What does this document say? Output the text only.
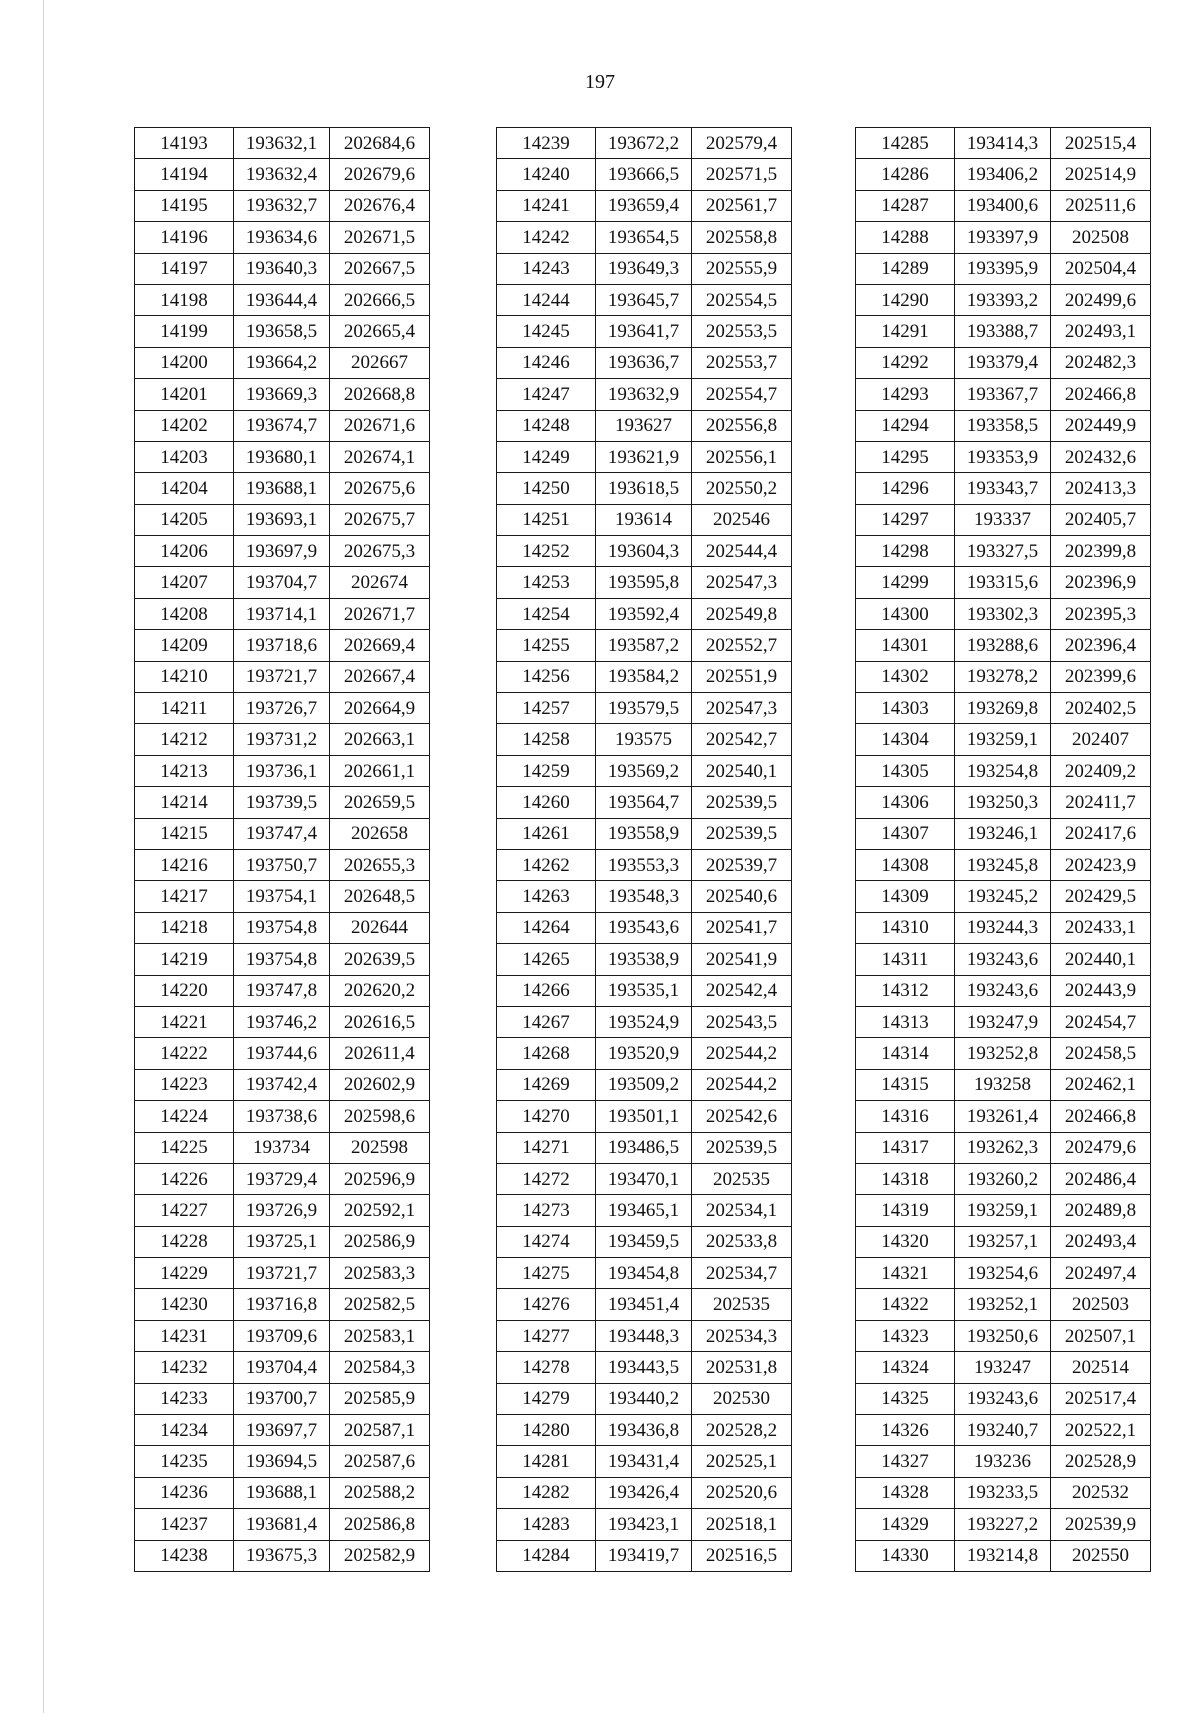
197
14193	193632,1	202684,6
14194	193632,4	202679,6
14195	193632,7	202676,4
14196	193634,6	202671,5
14197	193640,3	202667,5
14198	193644,4	202666,5
14199	193658,5	202665,4
14200	193664,2	202667
14201	193669,3	202668,8
14202	193674,7	202671,6
14203	193680,1	202674,1
14204	193688,1	202675,6
14205	193693,1	202675,7
14206	193697,9	202675,3
14207	193704,7	202674
14208	193714,1	202671,7
14209	193718,6	202669,4
14210	193721,7	202667,4
14211	193726,7	202664,9
14212	193731,2	202663,1
14213	193736,1	202661,1
14214	193739,5	202659,5
14215	193747,4	202658
14216	193750,7	202655,3
14217	193754,1	202648,5
14218	193754,8	202644
14219	193754,8	202639,5
14220	193747,8	202620,2
14221	193746,2	202616,5
14222	193744,6	202611,4
14223	193742,4	202602,9
14224	193738,6	202598,6
14225	193734	202598
14226	193729,4	202596,9
14227	193726,9	202592,1
14228	193725,1	202586,9
14229	193721,7	202583,3
14230	193716,8	202582,5
14231	193709,6	202583,1
14232	193704,4	202584,3
14233	193700,7	202585,9
14234	193697,7	202587,1
14235	193694,5	202587,6
14236	193688,1	202588,2
14237	193681,4	202586,8
14238	193675,3	202582,9
14239	193672,2	202579,4
14240	193666,5	202571,5
14241	193659,4	202561,7
14242	193654,5	202558,8
14243	193649,3	202555,9
14244	193645,7	202554,5
14245	193641,7	202553,5
14246	193636,7	202553,7
14247	193632,9	202554,7
14248	193627	202556,8
14249	193621,9	202556,1
14250	193618,5	202550,2
14251	193614	202546
14252	193604,3	202544,4
14253	193595,8	202547,3
14254	193592,4	202549,8
14255	193587,2	202552,7
14256	193584,2	202551,9
14257	193579,5	202547,3
14258	193575	202542,7
14259	193569,2	202540,1
14260	193564,7	202539,5
14261	193558,9	202539,5
14262	193553,3	202539,7
14263	193548,3	202540,6
14264	193543,6	202541,7
14265	193538,9	202541,9
14266	193535,1	202542,4
14267	193524,9	202543,5
14268	193520,9	202544,2
14269	193509,2	202544,2
14270	193501,1	202542,6
14271	193486,5	202539,5
14272	193470,1	202535
14273	193465,1	202534,1
14274	193459,5	202533,8
14275	193454,8	202534,7
14276	193451,4	202535
14277	193448,3	202534,3
14278	193443,5	202531,8
14279	193440,2	202530
14280	193436,8	202528,2
14281	193431,4	202525,1
14282	193426,4	202520,6
14283	193423,1	202518,1
14284	193419,7	202516,5
14285	193414,3	202515,4
14286	193406,2	202514,9
14287	193400,6	202511,6
14288	193397,9	202508
14289	193395,9	202504,4
14290	193393,2	202499,6
14291	193388,7	202493,1
14292	193379,4	202482,3
14293	193367,7	202466,8
14294	193358,5	202449,9
14295	193353,9	202432,6
14296	193343,7	202413,3
14297	193337	202405,7
14298	193327,5	202399,8
14299	193315,6	202396,9
14300	193302,3	202395,3
14301	193288,6	202396,4
14302	193278,2	202399,6
14303	193269,8	202402,5
14304	193259,1	202407
14305	193254,8	202409,2
14306	193250,3	202411,7
14307	193246,1	202417,6
14308	193245,8	202423,9
14309	193245,2	202429,5
14310	193244,3	202433,1
14311	193243,6	202440,1
14312	193243,6	202443,9
14313	193247,9	202454,7
14314	193252,8	202458,5
14315	193258	202462,1
14316	193261,4	202466,8
14317	193262,3	202479,6
14318	193260,2	202486,4
14319	193259,1	202489,8
14320	193257,1	202493,4
14321	193254,6	202497,4
14322	193252,1	202503
14323	193250,6	202507,1
14324	193247	202514
14325	193243,6	202517,4
14326	193240,7	202522,1
14327	193236	202528,9
14328	193233,5	202532
14329	193227,2	202539,9
14330	193214,8	202550
